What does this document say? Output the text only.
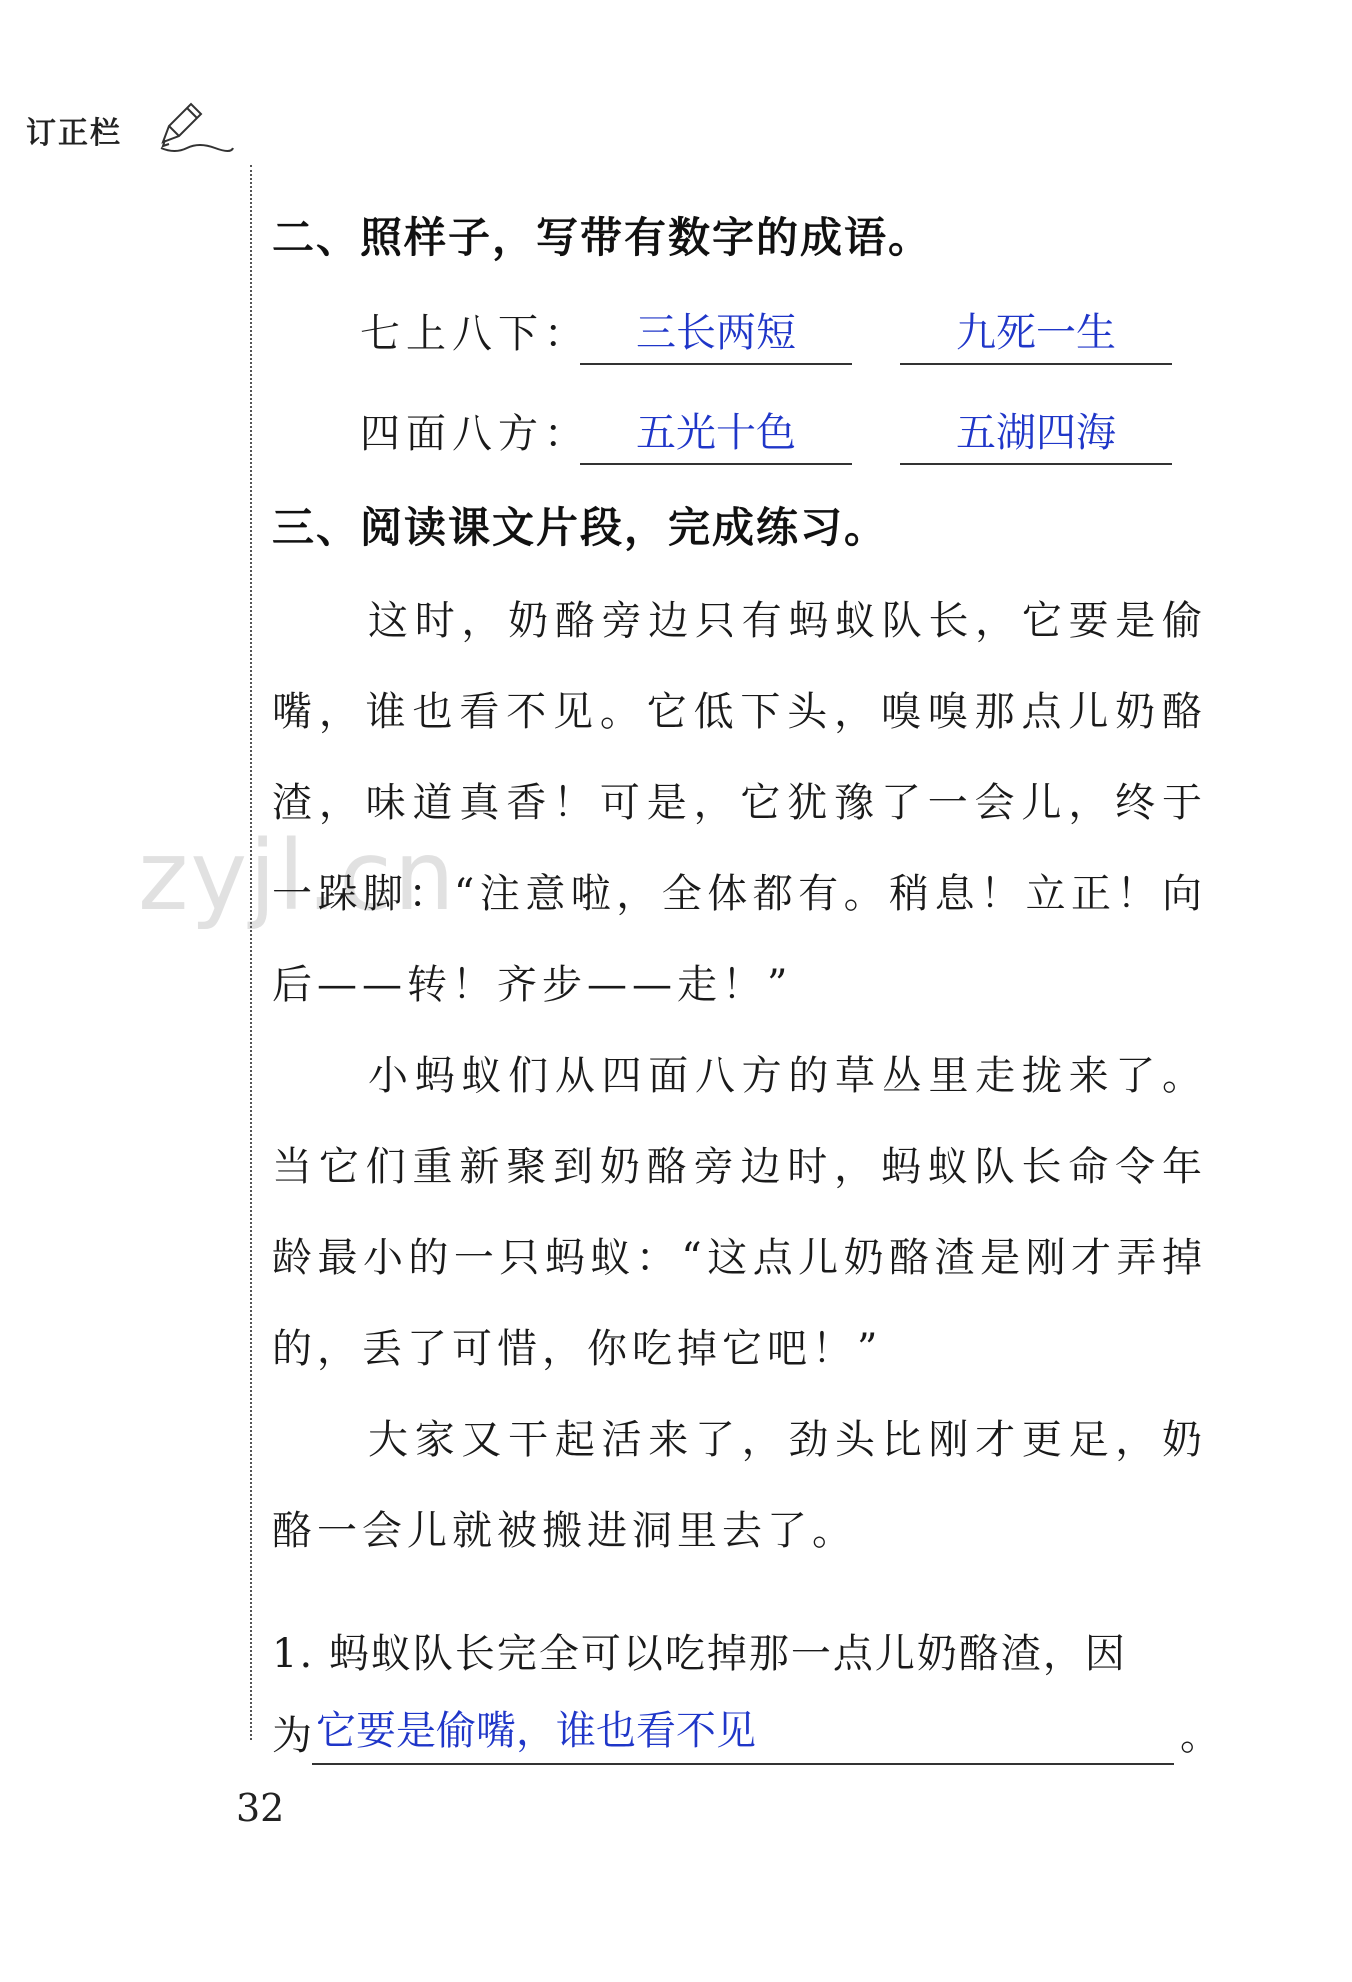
订正栏
zyjl.cn
二、照样子，写带有数字的成语。
七上八下：	三长两短	九死一生
四面八方：	五光十色	五湖四海
三、阅读课文片段，完成练习。

这时，奶酪旁边只有蚂蚁队长，它要是偷嘴，谁也看不见。它低下头，嗅嗅那点儿奶酪渣，味道真香！可是，它犹豫了一会儿，终于一跺脚：“注意啦，全体都有。稍息！立正！向后——转！齐步——走！”

小蚂蚁们从四面八方的草丛里走拢来了。当它们重新聚到奶酪旁边时，蚂蚁队长命令年龄最小的一只蚂蚁：“这点儿奶酪渣是刚才弄掉的，丢了可惜，你吃掉它吧！”

大家又干起活来了，劲头比刚才更足，奶酪一会儿就被搬进洞里去了。

1. 蚂蚁队长完全可以吃掉那一点儿奶酪渣，因
为 它要是偷嘴，谁也看不见	。
32
